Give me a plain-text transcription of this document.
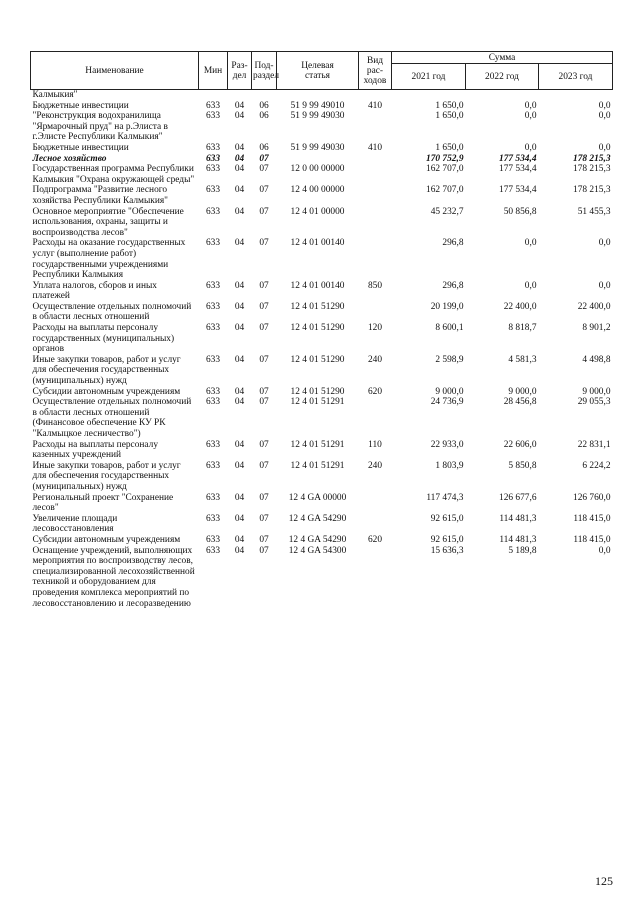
Наименование	Мин	Раз-
дел	Под-
раздел	Целевая
статья	Вид
рас-
ходов	Сумма		
						2021 год	2022 год	2023 год
Калмыкия"								
Бюджетные инвестиции	633	04	06	51 9 99 49010	410	1 650,0	0,0	0,0
"Реконструкция водохранилища "Ярмарочный пруд" на р.Элиста в г.Элисте Республики Калмыкия"	633	04	06	51 9 99 49030		1 650,0	0,0	0,0
Бюджетные инвестиции	633	04	06	51 9 99 49030	410	1 650,0	0,0	0,0
Лесное хозяйство	633	04	07			170 752,9	177 534,4	178 215,3
Государственная программа Республики Калмыкия "Охрана окружающей среды"	633	04	07	12 0 00 00000		162 707,0	177 534,4	178 215,3
Подпрограмма "Развитие лесного хозяйства Республики Калмыкия"	633	04	07	12 4 00 00000		162 707,0	177 534,4	178 215,3
Основное мероприятие "Обеспечение использования, охраны, защиты и воспроизводства лесов"	633	04	07	12 4 01 00000		45 232,7	50 856,8	51 455,3
Расходы на оказание государственных услуг (выполнение работ) государственными учреждениями Республики Калмыкия	633	04	07	12 4 01 00140		296,8	0,0	0,0
Уплата налогов, сборов и иных платежей	633	04	07	12 4 01 00140	850	296,8	0,0	0,0
Осуществление отдельных полномочий в области лесных отношений	633	04	07	12 4 01 51290		20 199,0	22 400,0	22 400,0
Расходы на выплаты персоналу государственных (муниципальных) органов	633	04	07	12 4 01 51290	120	8 600,1	8 818,7	8 901,2
Иные закупки товаров, работ и услуг для обеспечения государственных (муниципальных) нужд	633	04	07	12 4 01 51290	240	2 598,9	4 581,3	4 498,8
Субсидии автономным учреждениям	633	04	07	12 4 01 51290	620	9 000,0	9 000,0	9 000,0
Осуществление отдельных полномочий в области лесных отношений (Финансовое обеспечение КУ РК "Калмыцкое лесничество")	633	04	07	12 4 01 51291		24 736,9	28 456,8	29 055,3
Расходы на выплаты персоналу казенных учреждений	633	04	07	12 4 01 51291	110	22 933,0	22 606,0	22 831,1
Иные закупки товаров, работ и услуг для обеспечения государственных (муниципальных) нужд	633	04	07	12 4 01 51291	240	1 803,9	5 850,8	6 224,2
Региональный проект "Сохранение лесов"	633	04	07	12 4 GA 00000		117 474,3	126 677,6	126 760,0
Увеличение площади лесовосстановления	633	04	07	12 4 GA 54290		92 615,0	114 481,3	118 415,0
Субсидии автономным учреждениям	633	04	07	12 4 GA 54290	620	92 615,0	114 481,3	118 415,0
Оснащение учреждений, выполняющих мероприятия по воспроизводству лесов, специализированной лесохозяйственной техникой и оборудованием для проведения комплекса мероприятий по лесовосстановлению и лесоразведению	633	04	07	12 4 GA 54300		15 636,3	5 189,8	0,0
125
